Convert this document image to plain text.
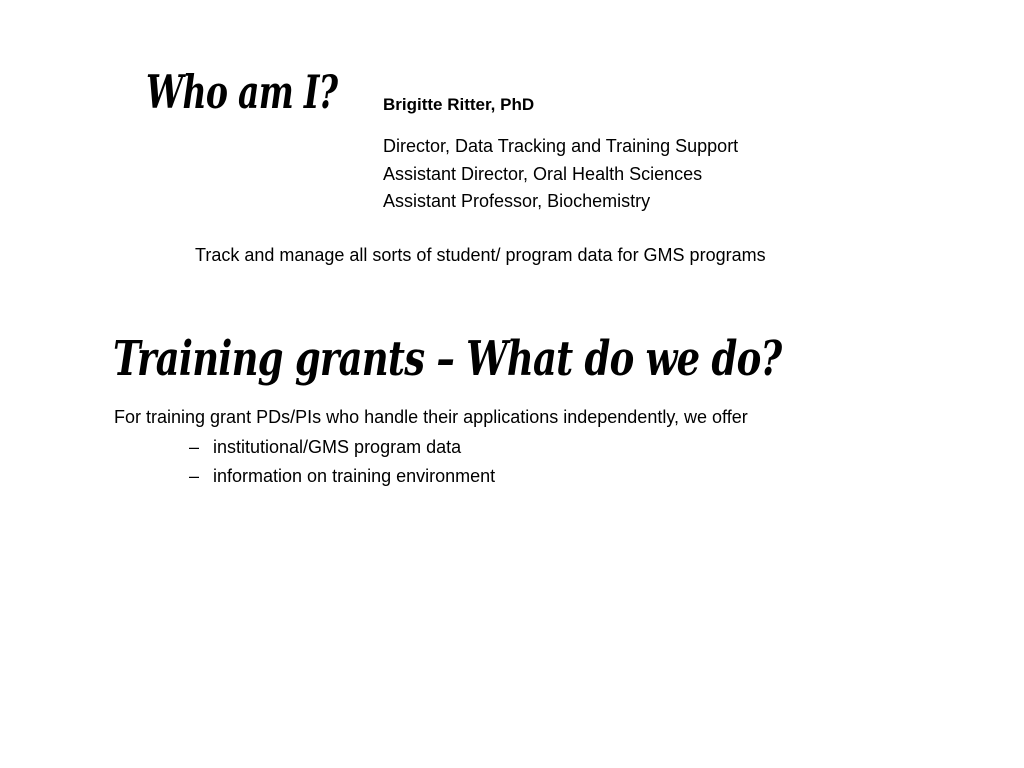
Who am I?	Brigitte Ritter, PhD
Director, Data Tracking and Training Support
Assistant Director, Oral Health Sciences
Assistant Professor, Biochemistry
Track and manage all sorts of student/ program data for GMS programs
Training grants – What do we do?
For training grant PDs/PIs who handle their applications independently, we offer
– institutional/GMS program data
– information on training environment
